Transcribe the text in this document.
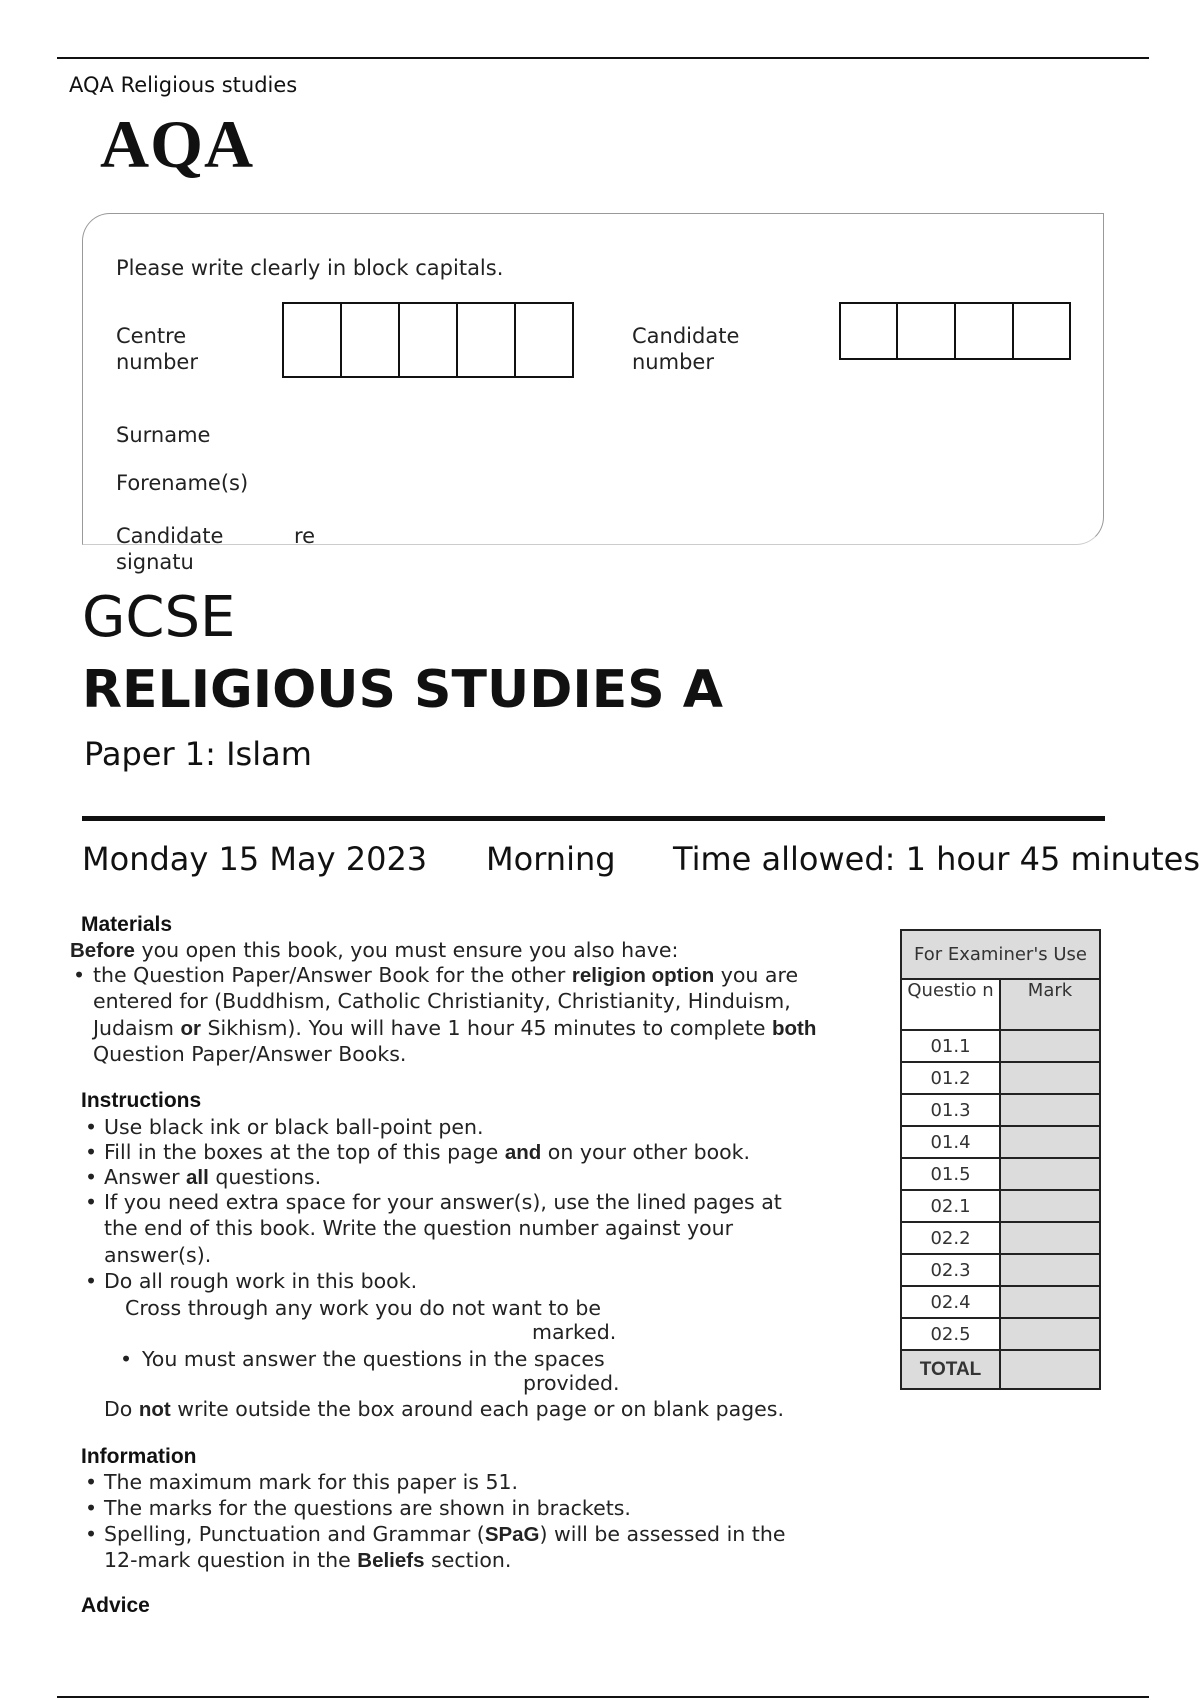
AQA Religious studies
AQA
Please write clearly in block capitals.
Centre
number
Candidate
number
Surname
Forename(s)
Candidate	re
signatu
GCSE
RELIGIOUS STUDIES A
Paper 1: Islam
Monday 15 May 2023 Morning Time allowed: 1 hour 45 minutes
Materials
Before you open this book, you must ensure you also have:
• the Question Paper/Answer Book for the other religion option you are
entered for (Buddhism, Catholic Christianity, Christianity, Hinduism,
Judaism or Sikhism). You will have 1 hour 45 minutes to complete both
Question Paper/Answer Books.
Instructions
• Use black ink or black ball-point pen.
• Fill in the boxes at the top of this page and on your other book.
• Answer all questions.
• If you need extra space for your answer(s), use the lined pages at
the end of this book. Write the question number against your
answer(s).
• Do all rough work in this book.
Cross through any work you do not want to be
marked.
• You must answer the questions in the spaces
provided.
Do not write outside the box around each page or on blank pages.
Information
• The maximum mark for this paper is 51.
• The marks for the questions are shown in brackets.
• Spelling, Punctuation and Grammar (SPaG) will be assessed in the
12-mark question in the Beliefs section.
Advice
For Examiner's Use	
Questio n	Mark
01.1	
01.2	
01.3	
01.4	
01.5	
02.1	
02.2	
02.3	
02.4	
02.5	
TOTAL	
